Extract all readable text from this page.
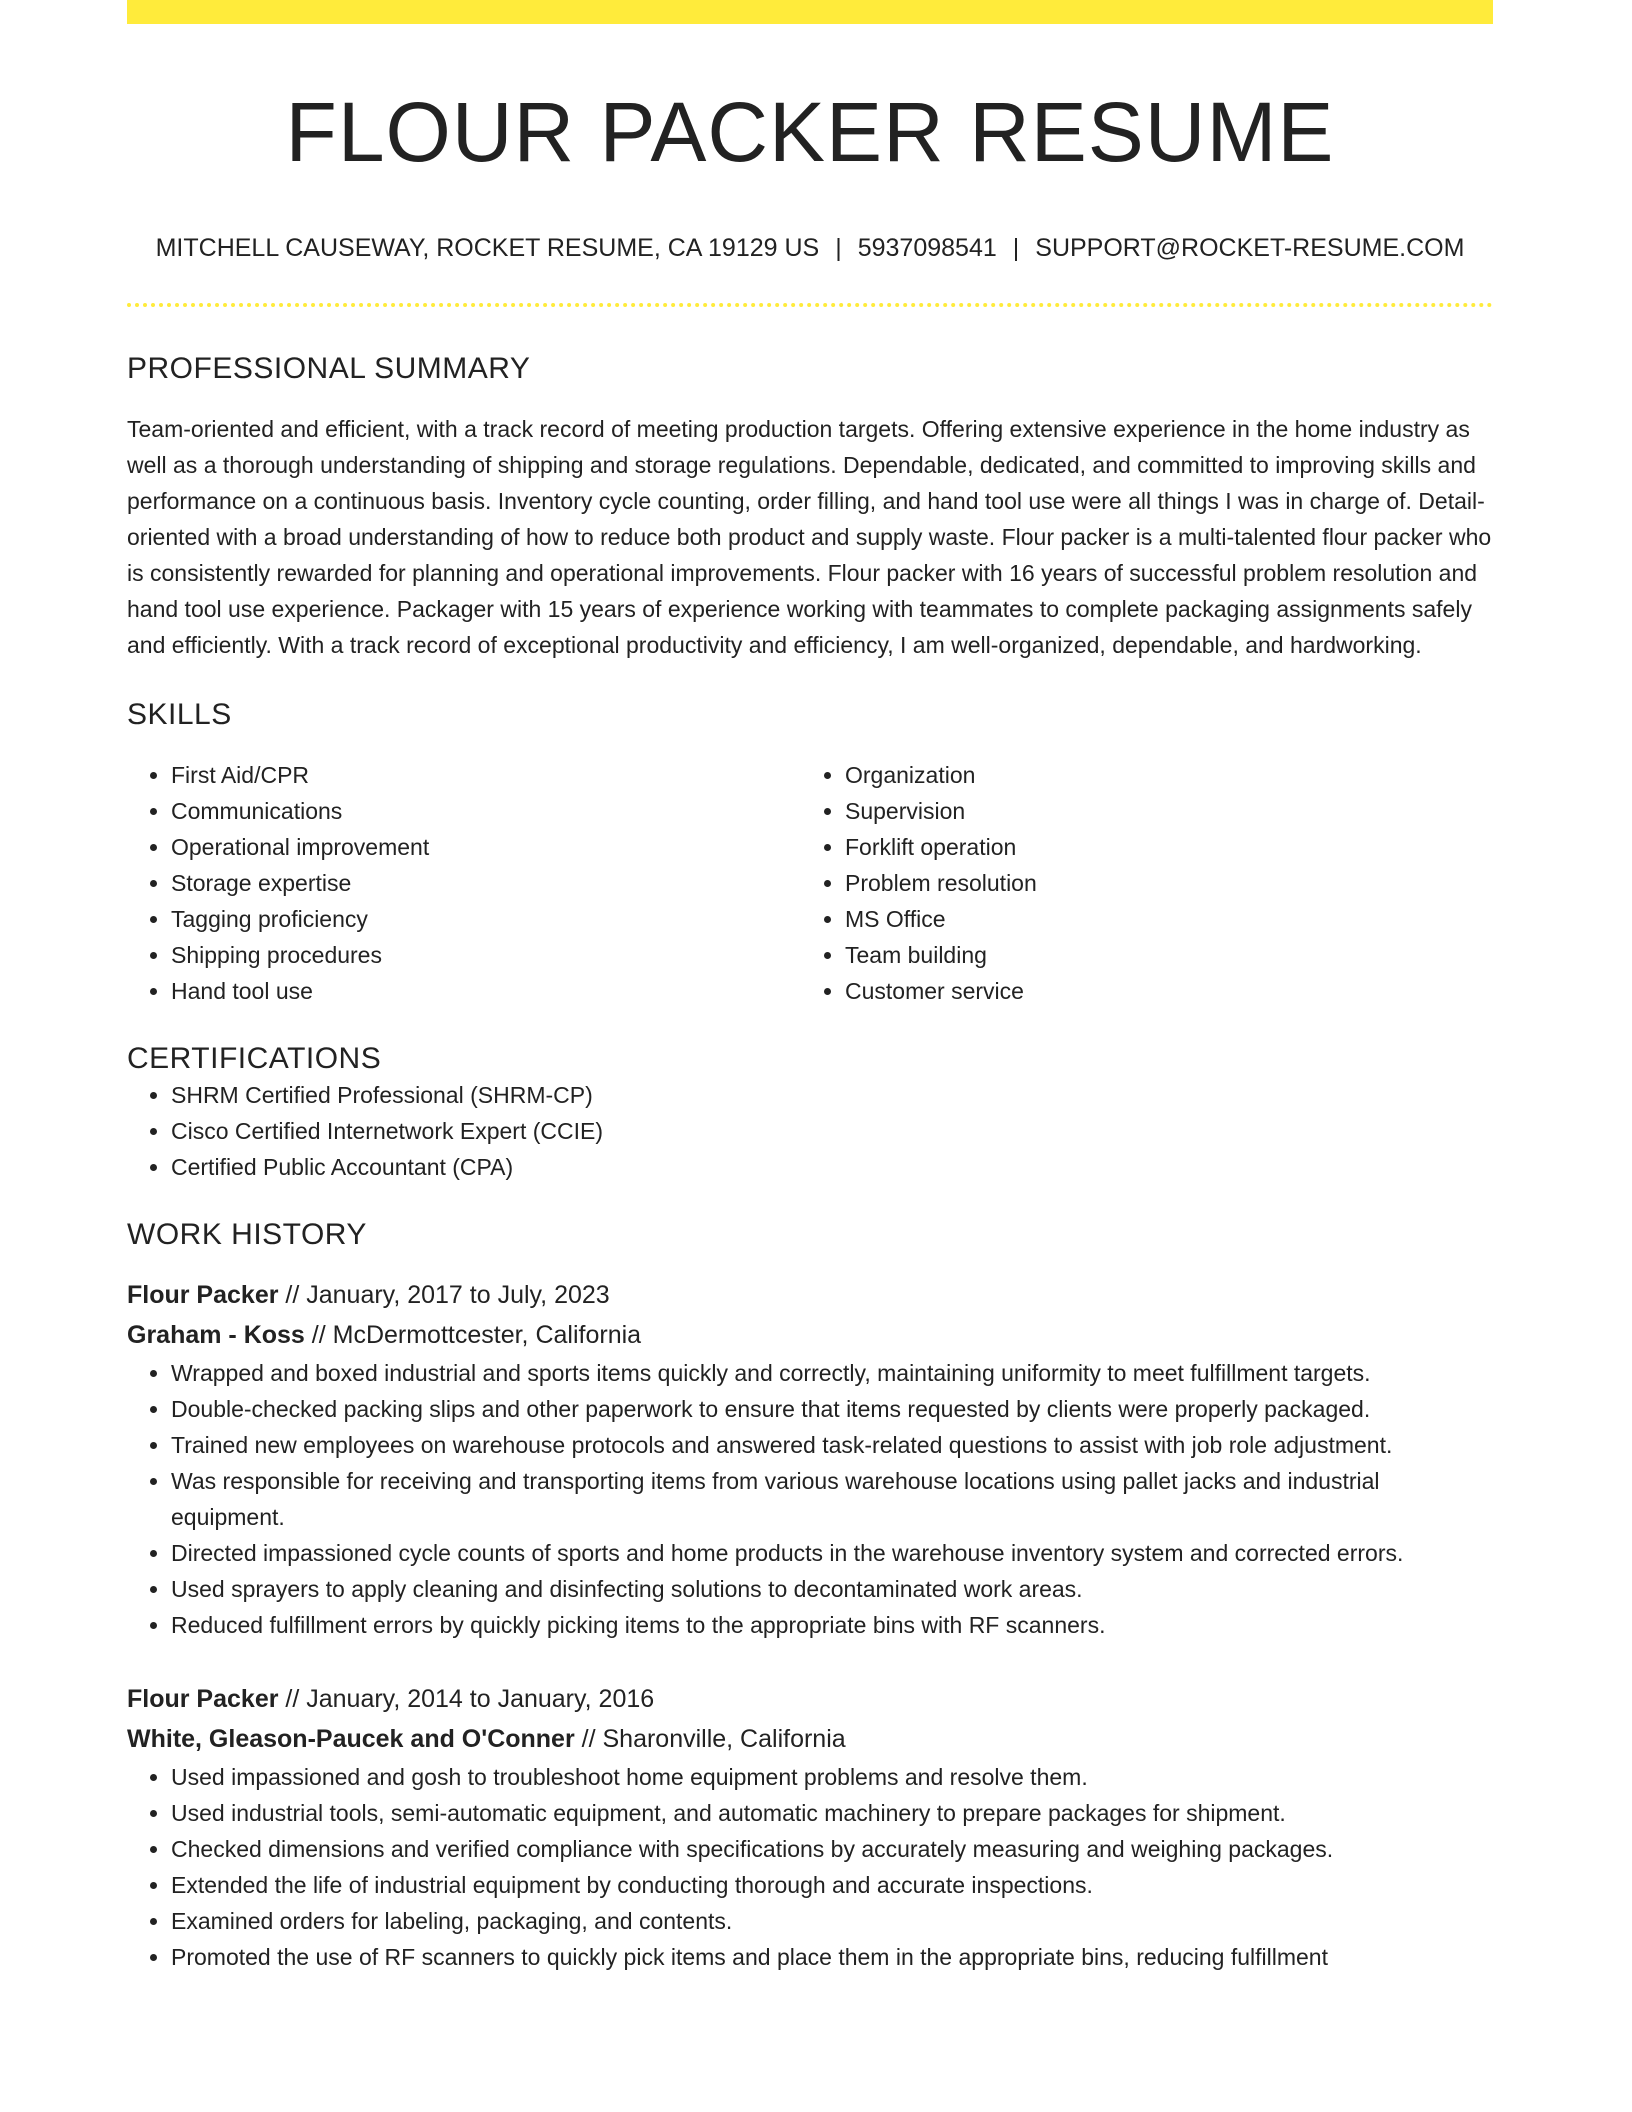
FLOUR PACKER RESUME
MITCHELL CAUSEWAY, ROCKET RESUME, CA 19129 US | 5937098541 | SUPPORT@ROCKET-RESUME.COM
PROFESSIONAL SUMMARY

Team-oriented and efficient, with a track record of meeting production targets. Offering extensive experience in the home industry as well as a thorough understanding of shipping and storage regulations. Dependable, dedicated, and committed to improving skills and performance on a continuous basis. Inventory cycle counting, order filling, and hand tool use were all things I was in charge of. Detail-oriented with a broad understanding of how to reduce both product and supply waste. Flour packer is a multi-talented flour packer who is consistently rewarded for planning and operational improvements. Flour packer with 16 years of successful problem resolution and hand tool use experience. Packager with 15 years of experience working with teammates to complete packaging assignments safely and efficiently. With a track record of exceptional productivity and efficiency, I am well-organized, dependable, and hardworking.

SKILLS
• First Aid/CPR
• Communications
• Operational improvement
• Storage expertise
• Tagging proficiency
• Shipping procedures
• Hand tool use
• Organization
• Supervision
• Forklift operation
• Problem resolution
• MS Office
• Team building
• Customer service
CERTIFICATIONS
• SHRM Certified Professional (SHRM-CP)
• Cisco Certified Internetwork Expert (CCIE)
• Certified Public Accountant (CPA)
WORK HISTORY
Flour Packer // January, 2017 to July, 2023
Graham - Koss // McDermottcester, California
• Wrapped and boxed industrial and sports items quickly and correctly, maintaining uniformity to meet fulfillment targets.
• Double-checked packing slips and other paperwork to ensure that items requested by clients were properly packaged.
• Trained new employees on warehouse protocols and answered task-related questions to assist with job role adjustment.
• Was responsible for receiving and transporting items from various warehouse locations using pallet jacks and industrial equipment.
• Directed impassioned cycle counts of sports and home products in the warehouse inventory system and corrected errors.
• Used sprayers to apply cleaning and disinfecting solutions to decontaminated work areas.
• Reduced fulfillment errors by quickly picking items to the appropriate bins with RF scanners.
Flour Packer // January, 2014 to January, 2016
White, Gleason-Paucek and O'Conner // Sharonville, California
• Used impassioned and gosh to troubleshoot home equipment problems and resolve them.
• Used industrial tools, semi-automatic equipment, and automatic machinery to prepare packages for shipment.
• Checked dimensions and verified compliance with specifications by accurately measuring and weighing packages.
• Extended the life of industrial equipment by conducting thorough and accurate inspections.
• Examined orders for labeling, packaging, and contents.
• Promoted the use of RF scanners to quickly pick items and place them in the appropriate bins, reducing fulfillment
